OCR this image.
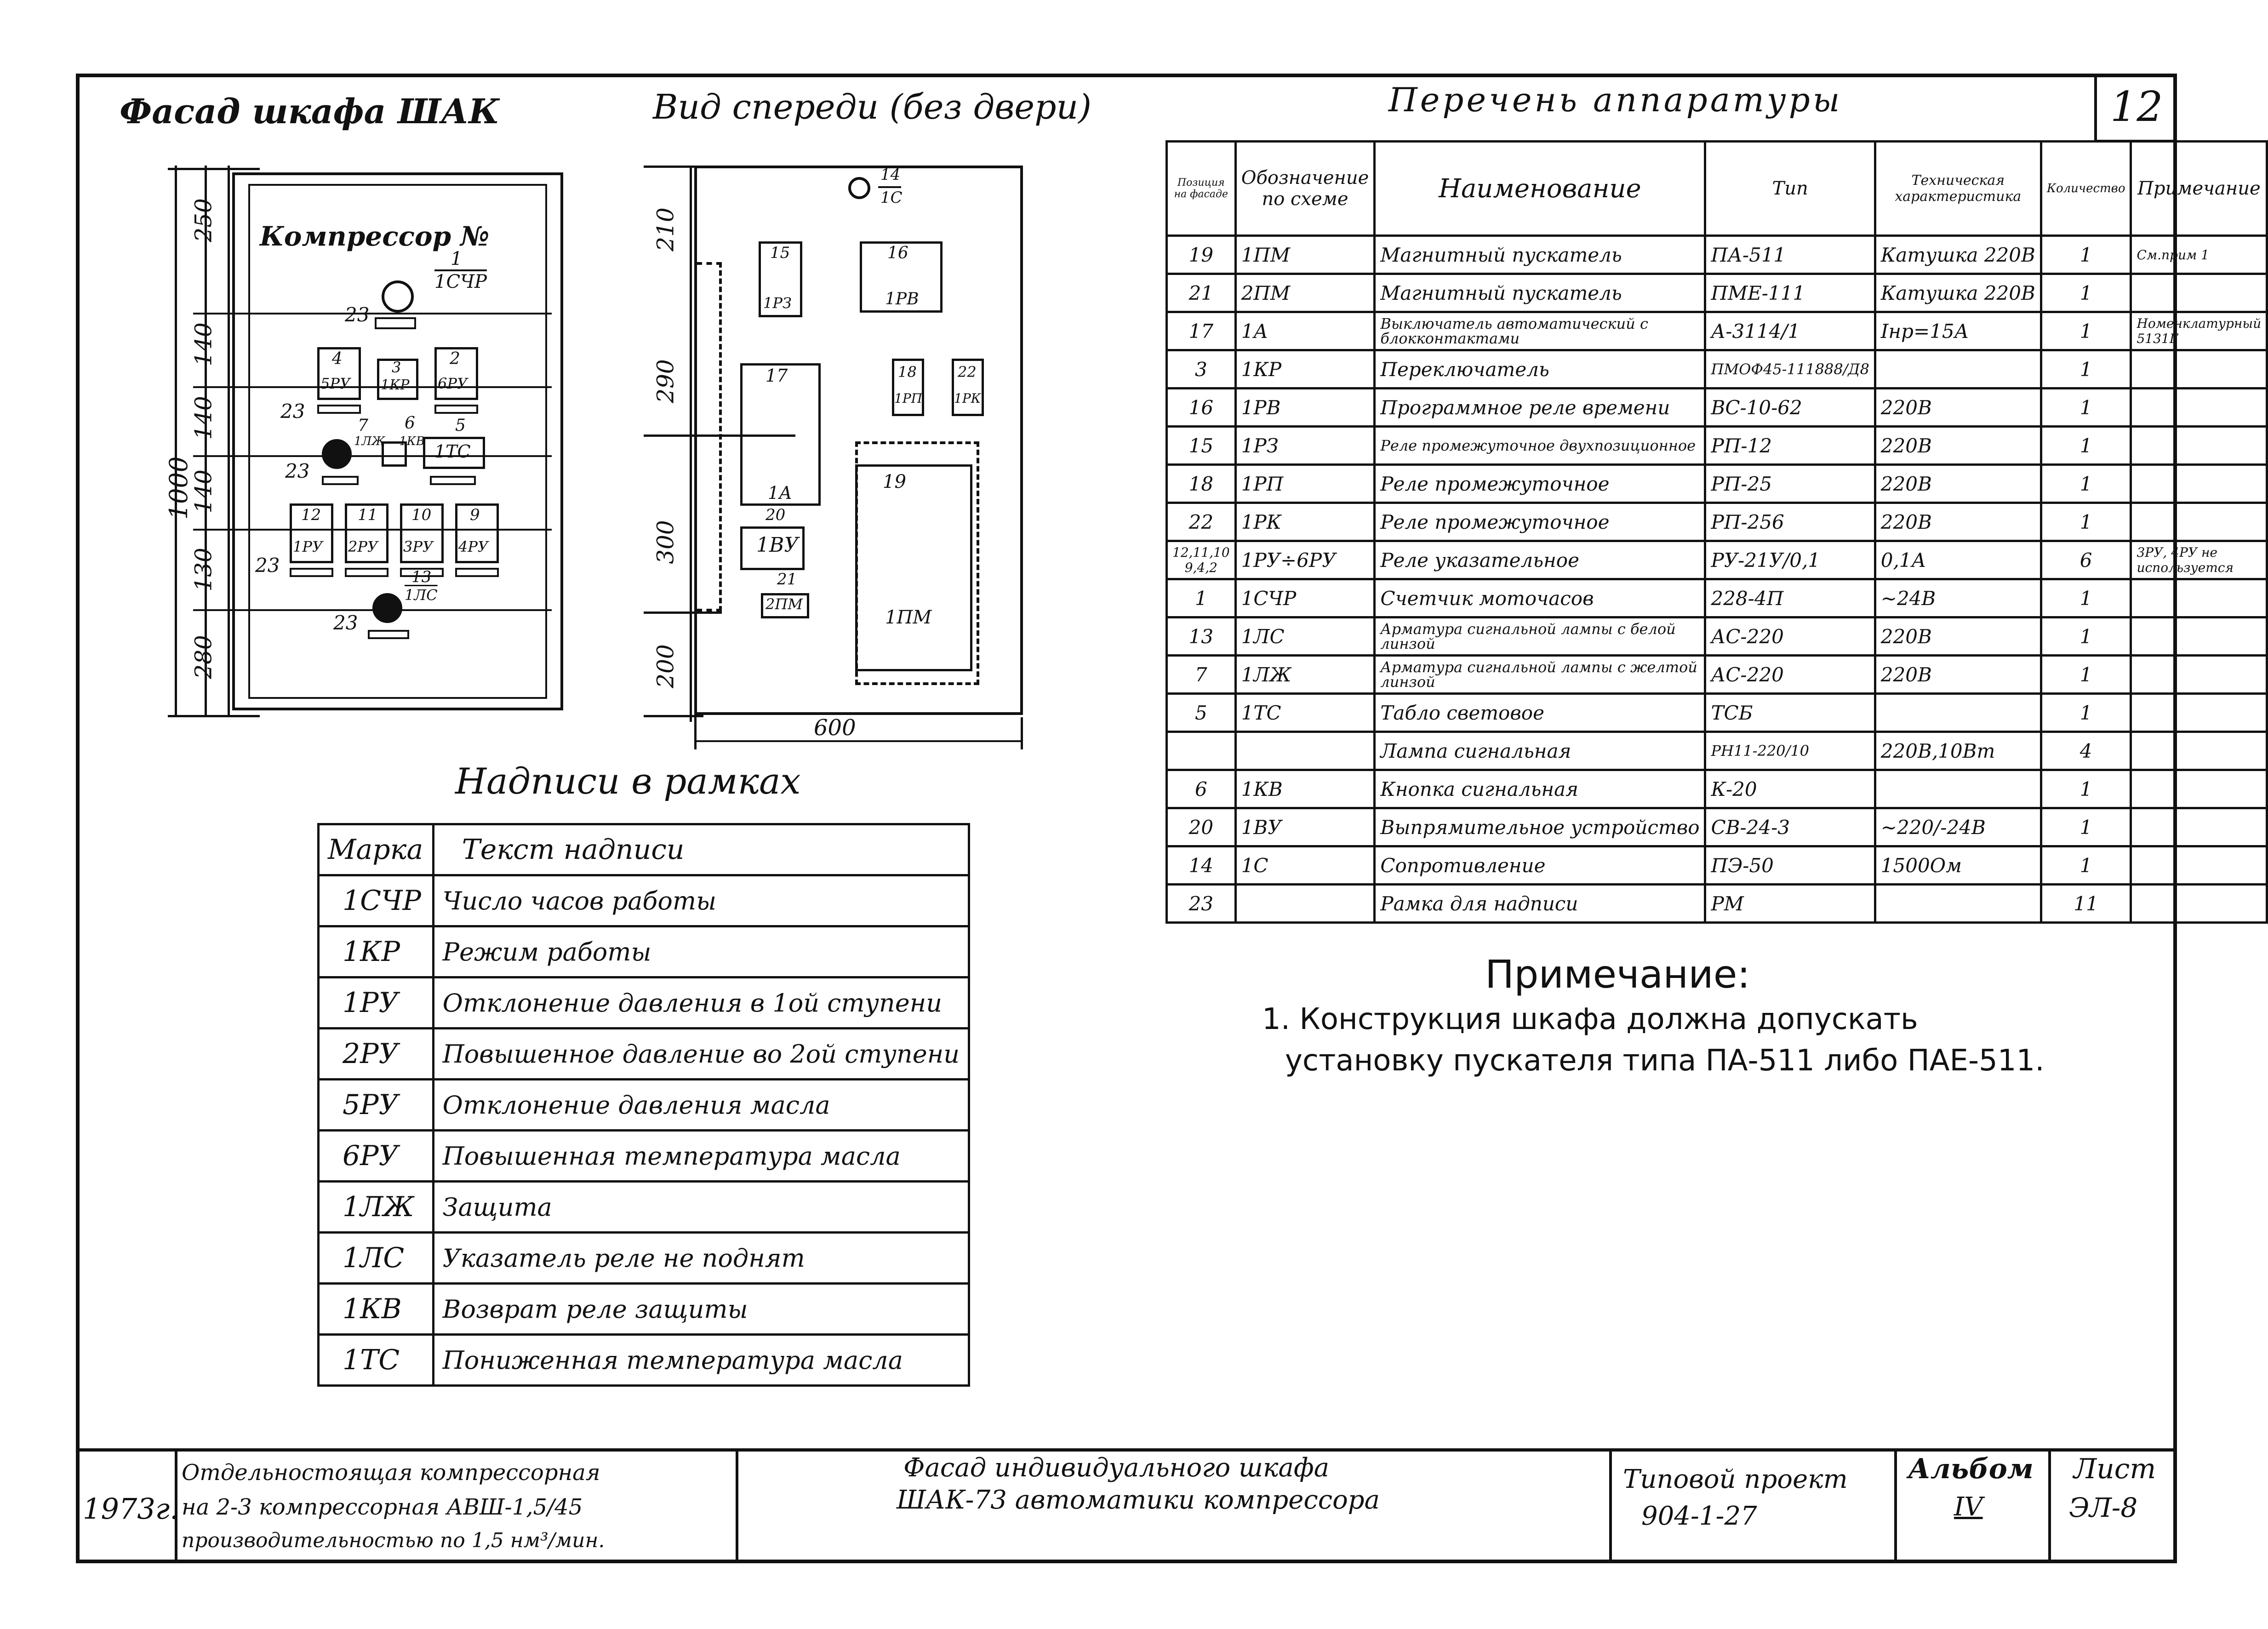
12
Фасад шкафа ШАК	Вид спереди (без двери)	Перечень аппаратуры
250
140
140
140
130
280
1000
Компрессор №
1
1СЧР
23
4
5РУ
3
1КР
2
6РУ
23
7
1ЛЖ
6
1КВ
5
1ТС
23
12
1РУ
11
2РУ
10
3РУ
9
4РУ
23
13
1ЛС
23
600
210
290
300
200
14
1С
15
1РЗ
16
1РВ
17
1А
18
1РП
22
1РК
20
1ВУ
21
2ПМ
19
1ПМ
Позиция на фасаде	Обозначение по схеме	Наименование	Тип	Техническая характеристика	Количество	Примечание
19	1ПМ	Магнитный пускатель	ПА-511	Катушка 220В	1	См.прим 1
21	2ПМ	Магнитный пускатель	ПМЕ-111	Катушка 220В	1	
17	1А	Выключатель автоматический с блокконтактами	А-3114/1	Iнр=15А	1	Номенклатурный 5131Г
3	1КР	Переключатель	ПМОФ45-111888/Д8		1	
16	1РВ	Программное реле времени	ВС-10-62	220В	1	
15	1РЗ	Реле промежуточное двухпозиционное	РП-12	220В	1	
18	1РП	Реле промежуточное	РП-25	220В	1	
22	1РК	Реле промежуточное	РП-256	220В	1	
12,11,10 9,4,2	1РУ÷6РУ	Реле указательное	РУ-21У/0,1	0,1А	6	3РУ, 4РУ не используется
1	1СЧР	Счетчик моточасов	228-4П	~24В	1	
13	1ЛС	Арматура сигнальной лампы с белой линзой	АС-220	220В	1	
7	1ЛЖ	Арматура сигнальной лампы с желтой линзой	АС-220	220В	1	
5	1ТС	Табло световое	ТСБ		1	
		Лампа сигнальная	РН11-220/10	220В,10Вт	4	
6	1КВ	Кнопка сигнальная	К-20		1	
20	1ВУ	Выпрямительное устройство	СВ-24-3	~220/-24В	1	
14	1С	Сопротивление	ПЭ-50	1500Ом	1	
23		Рамка для надписи	РМ		11	
Примечание:
1. Конструкция шкафа должна допускать
установку пускателя типа ПА-511 либо ПАЕ-511.
Надписи в рамках
Марка	Текст надписи
1СЧР	Число часов работы
1КР	Режим работы
1РУ	Отклонение давления в 1ой ступени
2РУ	Повышенное давление во 2ой ступени
5РУ	Отклонение давления масла
6РУ	Повышенная температура масла
1ЛЖ	Защита
1ЛС	Указатель реле не поднят
1КВ	Возврат реле защиты
1ТС	Пониженная температура масла
1973г.
Отдельностоящая компрессорная
на 2-3 компрессорная АВШ-1,5/45
производительностью по 1,5 нм³/мин.
Фасад индивидуального шкафа
ШАК-73 автоматики компрессора
Типовой проект
904-1-27
Альбом
IV
Лист
ЭЛ-8
